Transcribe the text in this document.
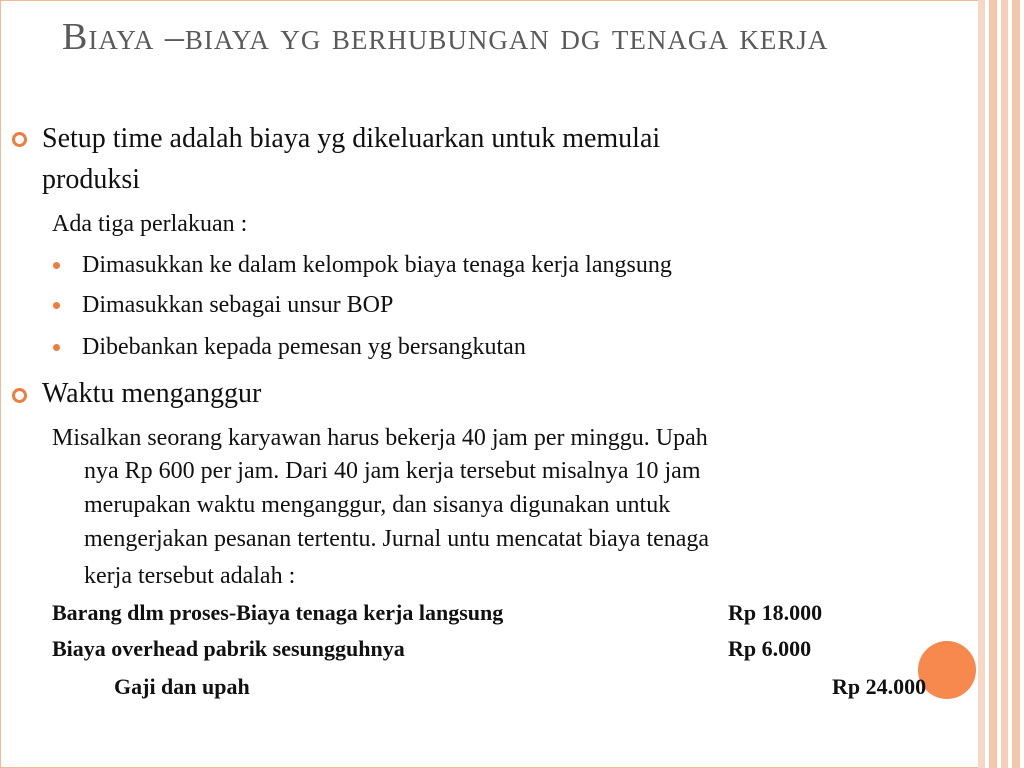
Biaya –biaya yg berhubungan dg tenaga kerja
Setup time adalah biaya yg dikeluarkan untuk memulai
produksi
Ada tiga perlakuan :
Dimasukkan ke dalam kelompok biaya tenaga kerja langsung
Dimasukkan sebagai unsur BOP
Dibebankan kepada pemesan yg bersangkutan
Waktu menganggur
Misalkan seorang karyawan harus bekerja 40 jam per minggu. Upah
nya Rp 600 per jam. Dari 40 jam kerja tersebut misalnya 10 jam
merupakan waktu menganggur, dan sisanya digunakan untuk
mengerjakan pesanan tertentu. Jurnal untu mencatat biaya tenaga
kerja tersebut adalah :
Barang dlm proses-Biaya tenaga kerja langsung	Rp 18.000
Biaya overhead pabrik sesungguhnya	Rp 6.000
Gaji dan upah	Rp 24.000
